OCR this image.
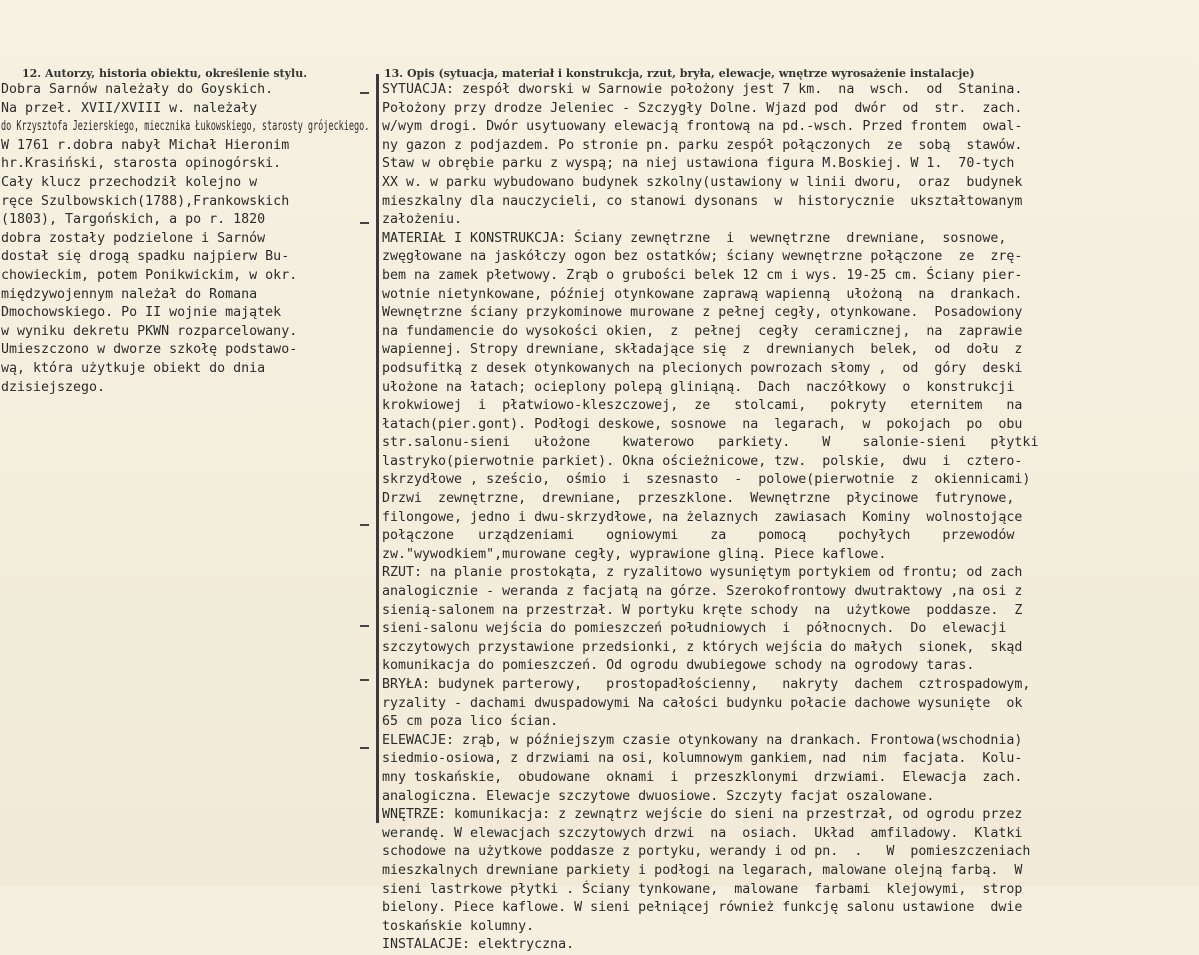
12. Autorzy, historia obiektu, określenie stylu.	13. Opis (sytuacja, materiał i konstrukcja, rzut, bryła, elewacje, wnętrze wyrosażenie instalacje)
Dobra Sarnów należały do Goyskich.
Na przeł. XVII/XVIII w. należały
do Krzysztofa Jezierskiego, miecznika Łukowskiego, starosty grójeckiego.
W 1761 r.dobra nabył Michał Hieronim
hr.Krasiński, starosta opinogórski.
Cały klucz przechodził kolejno w
ręce Szulbowskich(1788),Frankowskich
(1803), Targońskich, a po r. 1820
dobra zostały podzielone i Sarnów
dostał się drogą spadku najpierw Bu-
chowieckim, potem Ponikwickim, w okr.
międzywojennym należał do Romana
Dmochowskiego. Po II wojnie majątek
w wyniku dekretu PKWN rozparcelowany.
Umieszczono w dworze szkołę podstawo-
wą, która użytkuje obiekt do dnia
dzisiejszego.
SYTUACJA: zespół dworski w Sarnowie położony jest 7 km.  na  wsch.  od  Stanina.
Położony przy drodze Jeleniec - Szczygły Dolne. Wjazd pod  dwór  od  str.  zach.
w/wym drogi. Dwór usytuowany elewacją frontową na pd.-wsch. Przed frontem  owal-
ny gazon z podjazdem. Po stronie pn. parku zespół połączonych  ze  sobą  stawów.
Staw w obrębie parku z wyspą; na niej ustawiona figura M.Boskiej. W 1.  70-tych
XX w. w parku wybudowano budynek szkolny(ustawiony w linii dworu,  oraz  budynek
mieszkalny dla nauczycieli, co stanowi dysonans  w  historycznie  ukształtowanym
założeniu.
MATERIAŁ I KONSTRUKCJA: Ściany zewnętrzne  i  wewnętrzne  drewniane,  sosnowe,
zwęgłowane na jaskółczy ogon bez ostatków; ściany wewnętrzne połączone  ze  zrę-
bem na zamek płetwowy. Zrąb o grubości belek 12 cm i wys. 19-25 cm. Ściany pier-
wotnie nietynkowane, później otynkowane zaprawą wapienną  ułożoną  na  drankach.
Wewnętrzne ściany przykominowe murowane z pełnej cegły, otynkowane.  Posadowiony
na fundamencie do wysokości okien,  z  pełnej  cegły  ceramicznej,  na  zaprawie
wapiennej. Stropy drewniane, składające się  z  drewnianych  belek,  od  dołu  z
podsufitką z desek otynkowanych na plecionych powrozach słomy ,  od  góry  deski
ułożone na łatach; ocieplony polepą gliniąną.  Dach  naczółkowy  o  konstrukcji
krokwiowej  i  płatwiowo-kleszczowej,  ze   stolcami,   pokryty   eternitem   na
łatach(pier.gont). Podłogi deskowe, sosnowe  na  legarach,  w  pokojach  po  obu
str.salonu-sieni   ułożone    kwaterowo   parkiety.    W    salonie-sieni   płytki
lastryko(pierwotnie parkiet). Okna ościeżnicowe, tzw.  polskie,  dwu  i  cztero-
skrzydłowe , sześcio,  ośmio  i  szesnasto  -  polowe(pierwotnie  z  okiennicami)
Drzwi  zewnętrzne,  drewniane,  przeszklone.  Wewnętrzne  płycinowe  futrynowe,
filongowe, jedno i dwu-skrzydłowe, na żelaznych  zawiasach  Kominy  wolnostojące
połączone   urządzeniami    ogniowymi    za    pomocą    pochyłych    przewodów
zw."wywodkiem",murowane cegły, wyprawione gliną. Piece kaflowe.
RZUT: na planie prostokąta, z ryzalitowo wysuniętym portykiem od frontu; od zach
analogicznie - weranda z facjatą na górze. Szerokofrontowy dwutraktowy ,na osi z
sienią-salonem na przestrzał. W portyku kręte schody  na  użytkowe  poddasze.  Z
sieni-salonu wejścia do pomieszczeń południowych  i  północnych.  Do  elewacji
szczytowych przystawione przedsionki, z których wejścia do małych  sionek,  skąd
komunikacja do pomieszczeń. Od ogrodu dwubiegowe schody na ogrodowy taras.
BRYŁA: budynek parterowy,   prostopadłościenny,   nakryty  dachem  cztrospadowym,
ryzality - dachami dwuspadowymi Na całości budynku połacie dachowe wysunięte  ok
65 cm poza lico ścian.
ELEWACJE: zrąb, w późniejszym czasie otynkowany na drankach. Frontowa(wschodnia)
siedmio-osiowa, z drzwiami na osi, kolumnowym gankiem, nad  nim  facjata.  Kolu-
mny toskańskie,  obudowane  oknami  i  przeszklonymi  drzwiami.  Elewacja  zach.
analogiczna. Elewacje szczytowe dwuosiowe. Szczyty facjat oszalowane.
WNĘTRZE: komunikacja: z zewnątrz wejście do sieni na przestrzał, od ogrodu przez
werandę. W elewacjach szczytowych drzwi  na  osiach.  Układ  amfiladowy.  Klatki
schodowe na użytkowe poddasze z portyku, werandy i od pn.  .   W  pomieszczeniach
mieszkalnych drewniane parkiety i podłogi na legarach, malowane olejną farbą.  W
sieni lastrkowe płytki . Ściany tynkowane,  malowane  farbami  klejowymi,  strop
bielony. Piece kaflowe. W sieni pełniącej również funkcję salonu ustawione  dwie
toskańskie kolumny.
INSTALACJE: elektryczna.
